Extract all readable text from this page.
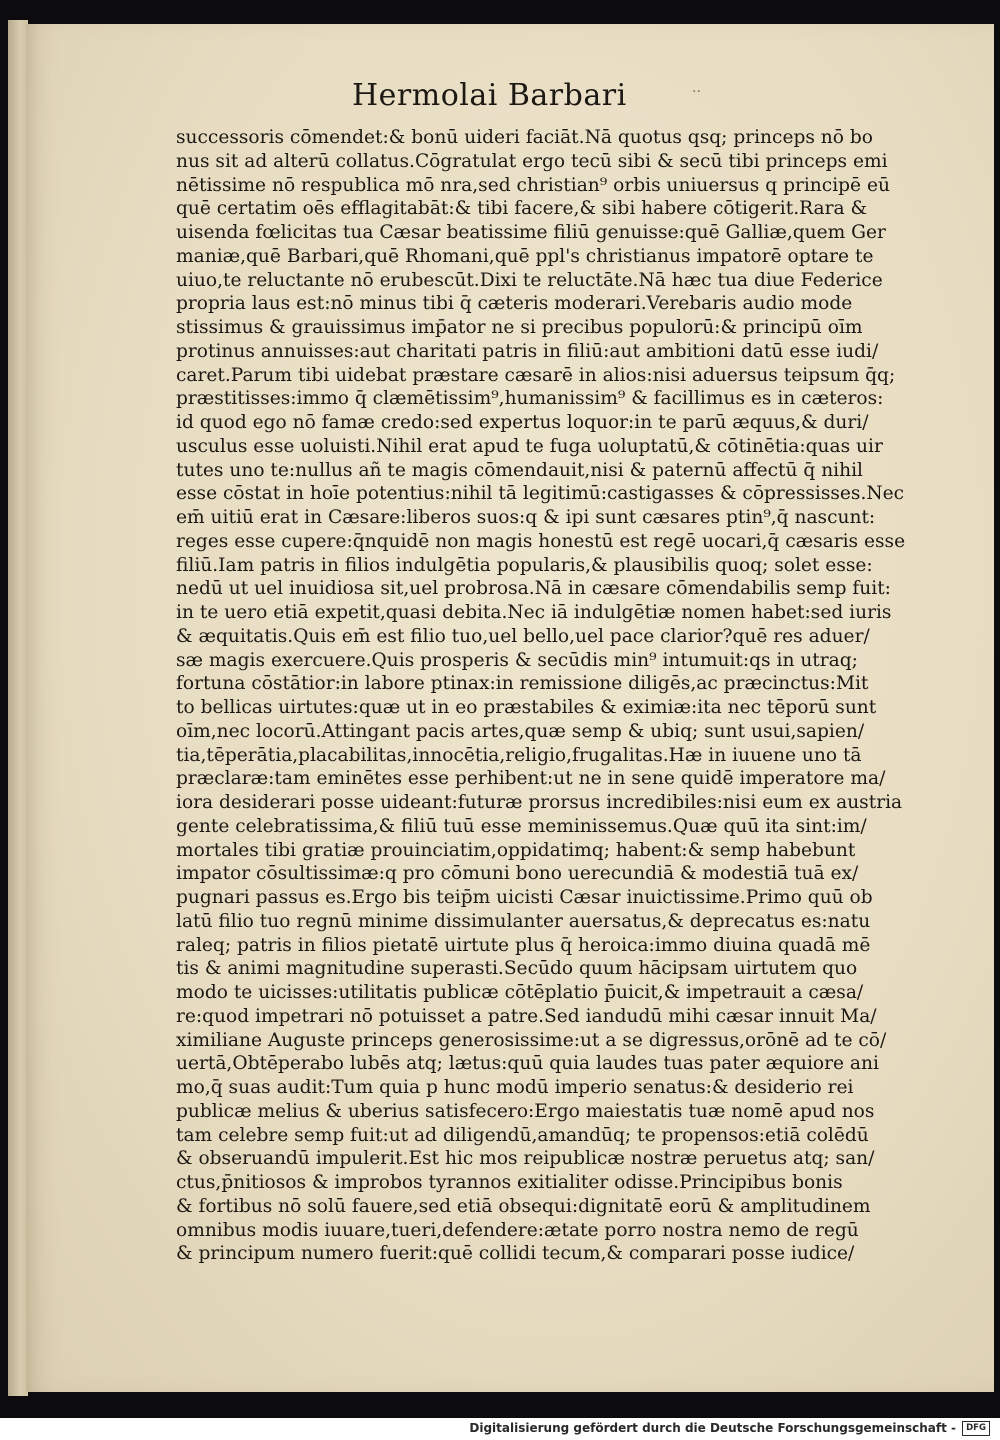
Hermolai Barbari	··
successoris cōmendet:& bonū uideri faciāt.Nā quotus qsq; princeps nō bo
nus sit ad alterū collatus.Cōgratulat ergo tecū sibi & secū tibi princeps emi
nētissime nō respublica mō nra,sed christian⁹ orbis uniuersus q principē eū
quē certatim oēs efflagitabāt:& tibi facere,& sibi habere cōtigerit.Rara &
uisenda fœlicitas tua Cæsar beatissime filiū genuisse:quē Galliæ,quem Ger
maniæ,quē Barbari,quē Rhomani,quē ppl's christianus impatorē optare te
uiuo,te reluctante nō erubescūt.Dixi te reluctāte.Nā hæc tua diue Federice
propria laus est:nō minus tibi q̄ cæteris moderari.Verebaris audio mode
stissimus & grauissimus imp̄ator ne si precibus populorū:& principū oīm
protinus annuisses:aut charitati patris in filiū:aut ambitioni datū esse iudi/
caret.Parum tibi uidebat præstare cæsarē in alios:nisi aduersus teipsum q̄q;
præstitisses:immo q̄ clæmētissim⁹,humanissim⁹ & facillimus es in cæteros:
id quod ego nō famæ credo:sed expertus loquor:in te parū æquus,& duri/
usculus esse uoluisti.Nihil erat apud te fuga uoluptatū,& cōtinētia:quas uir
tutes uno te:nullus añ te magis cōmendauit,nisi & paternū affectū q̄ nihil
esse cōstat in hoīe potentius:nihil tā legitimū:castigasses & cōpressisses.Nec
em̄ uitiū erat in Cæsare:liberos suos:q & ipi sunt cæsares ptin⁹,q̄ nascunt:
reges esse cupere:q̄nquidē non magis honestū est regē uocari,q̄ cæsaris esse
filiū.Iam patris in filios indulgētia popularis,& plausibilis quoq; solet esse:
nedū ut uel inuidiosa sit,uel probrosa.Nā in cæsare cōmendabilis semp fuit:
in te uero etiā expetit,quasi debita.Nec iā indulgētiæ nomen habet:sed iuris
& æquitatis.Quis em̄ est filio tuo,uel bello,uel pace clarior?quē res aduer/
sæ magis exercuere.Quis prosperis & secūdis min⁹ intumuit:qs in utraq;
fortuna cōstātior:in labore ptinax:in remissione diligēs,ac præcinctus:Mit
to bellicas uirtutes:quæ ut in eo præstabiles & eximiæ:ita nec tēporū sunt
oīm,nec locorū.Attingant pacis artes,quæ semp & ubiq; sunt usui,sapien/
tia,tēperātia,placabilitas,innocētia,religio,frugalitas.Hæ in iuuene uno tā
præclaræ:tam eminētes esse perhibent:ut ne in sene quidē imperatore ma/
iora desiderari posse uideant:futuræ prorsus incredibiles:nisi eum ex austria
gente celebratissima,& filiū tuū esse meminissemus.Quæ quū ita sint:im/
mortales tibi gratiæ prouinciatim,oppidatimq; habent:& semp habebunt
impator cōsultissimæ:q pro cōmuni bono uerecundiā & modestiā tuā ex/
pugnari passus es.Ergo bis teip̄m uicisti Cæsar inuictissime.Primo quū ob
latū filio tuo regnū minime dissimulanter auersatus,& deprecatus es:natu
raleq; patris in filios pietatē uirtute plus q̄ heroica:immo diuina quadā mē
tis & animi magnitudine superasti.Secūdo quum hācipsam uirtutem quo
modo te uicisses:utilitatis publicæ cōtēplatio p̄uicit,& impetrauit a cæsa/
re:quod impetrari nō potuisset a patre.Sed iandudū mihi cæsar innuit Ma/
ximiliane Auguste princeps generosissime:ut a se digressus,orōnē ad te cō/
uertā,Obtēperabo lubēs atq; lætus:quū quia laudes tuas pater æquiore ani
mo,q̄ suas audit:Tum quia p hunc modū imperio senatus:& desiderio rei
publicæ melius & uberius satisfecero:Ergo maiestatis tuæ nomē apud nos
tam celebre semp fuit:ut ad diligendū,amandūq; te propensos:etiā colēdū
& obseruandū impulerit.Est hic mos reipublicæ nostræ peruetus atq; san/
ctus,p̄nitiosos & improbos tyrannos exitialiter odisse.Principibus bonis
& fortibus nō solū fauere,sed etiā obsequi:dignitatē eorū & amplitudinem
omnibus modis iuuare,tueri,defendere:ætate porro nostra nemo de regū
& principum numero fuerit:quē collidi tecum,& comparari posse iudice/
Digitalisierung gefördert durch die Deutsche Forschungsgemeinschaft -	DFG
